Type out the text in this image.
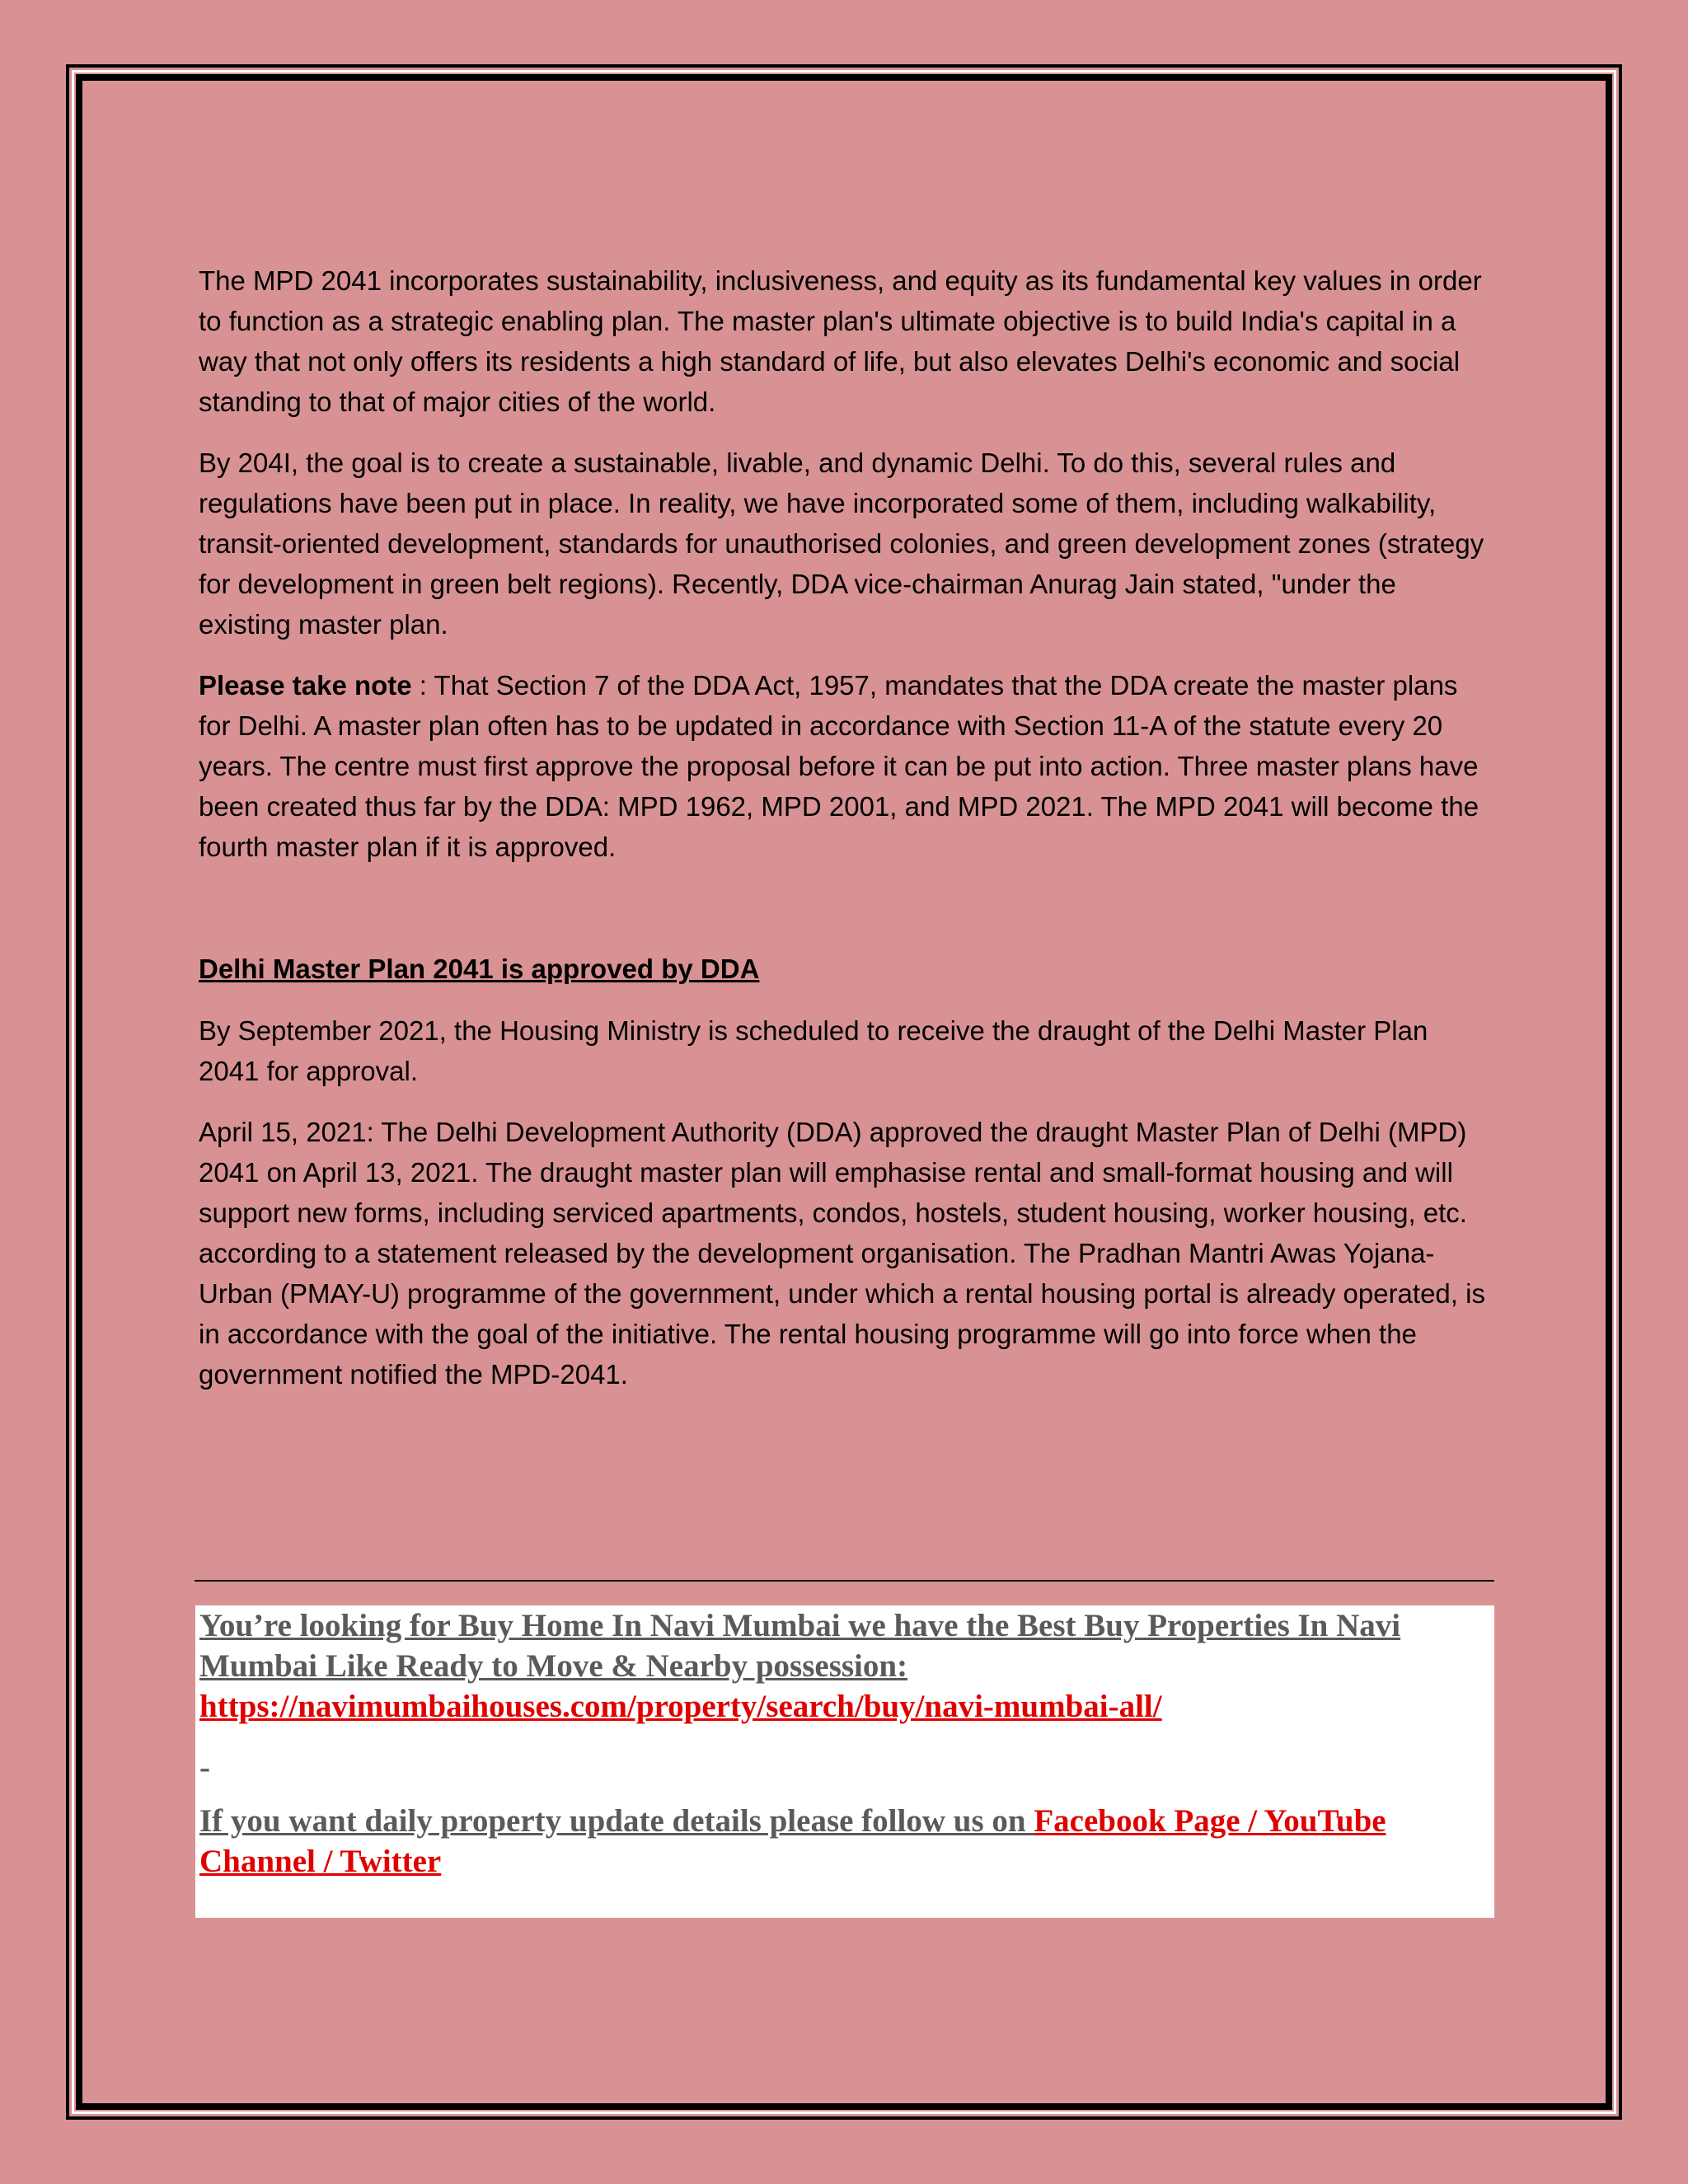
The MPD 2041 incorporates sustainability, inclusiveness, and equity as its fundamental key values in order to function as a strategic enabling plan. The master plan's ultimate objective is to build India's capital in a way that not only offers its residents a high standard of life, but also elevates Delhi's economic and social standing to that of major cities of the world.

By 204I, the goal is to create a sustainable, livable, and dynamic Delhi. To do this, several rules and regulations have been put in place. In reality, we have incorporated some of them, including walkability, transit-oriented development, standards for unauthorised colonies, and green development zones (strategy for development in green belt regions). Recently, DDA vice-chairman Anurag Jain stated, "under the existing master plan.

Please take note : That Section 7 of the DDA Act, 1957, mandates that the DDA create the master plans for Delhi. A master plan often has to be updated in accordance with Section 11-A of the statute every 20 years. The centre must first approve the proposal before it can be put into action. Three master plans have been created thus far by the DDA: MPD 1962, MPD 2001, and MPD 2021. The MPD 2041 will become the fourth master plan if it is approved.

Delhi Master Plan 2041 is approved by DDA

By September 2021, the Housing Ministry is scheduled to receive the draught of the Delhi Master Plan 2041 for approval.

April 15, 2021: The Delhi Development Authority (DDA) approved the draught Master Plan of Delhi (MPD) 2041 on April 13, 2021. The draught master plan will emphasise rental and small-format housing and will support new forms, including serviced apartments, condos, hostels, student housing, worker housing, etc. according to a statement released by the development organisation. The Pradhan Mantri Awas Yojana-Urban (PMAY-U) programme of the government, under which a rental housing portal is already operated, is in accordance with the goal of the initiative. The rental housing programme will go into force when the government notified the MPD-2041.

You’re looking for Buy Home In Navi Mumbai we have the Best Buy Properties In Navi Mumbai Like Ready to Move & Nearby possession: https://navimumbaihouses.com/property/search/buy/navi-mumbai-all/
-
If you want daily property update details please follow us on Facebook Page / YouTube Channel / Twitter
